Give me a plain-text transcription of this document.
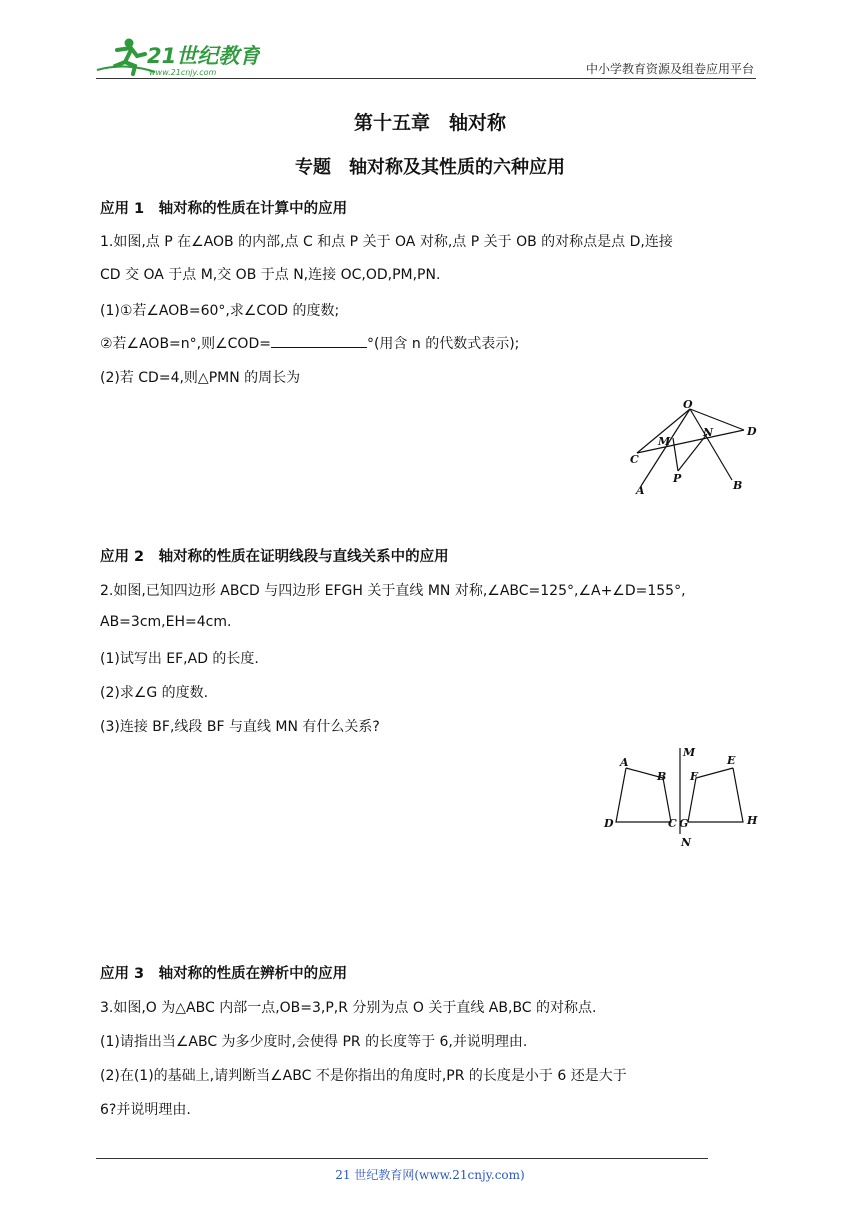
21世纪教育
www.21cnjy.com	中小学教育资源及组卷应用平台
第十五章　轴对称
专题　轴对称及其性质的六种应用
应用 1　轴对称的性质在计算中的应用
1.如图,点 P 在∠AOB 的内部,点 C 和点 P 关于 OA 对称,点 P 关于 OB 的对称点是点 D,连接
CD 交 OA 于点 M,交 OB 于点 N,连接 OC,OD,PM,PN.
(1)①若∠AOB=60°,求∠COD 的度数;
②若∠AOB=n°,则∠COD=	°(用含 n 的代数式表示);
(2)若 CD=4,则△PMN 的周长为
O
D
M
N
C
P
A	B
应用 2　轴对称的性质在证明线段与直线关系中的应用
2.如图,已知四边形 ABCD 与四边形 EFGH 关于直线 MN 对称,∠ABC=125°,∠A+∠D=155°,
AB=3cm,EH=4cm.
(1)试写出 EF,AD 的长度.
(2)求∠G 的度数.
(3)连接 BF,线段 BF 与直线 MN 有什么关系?
M
A
B F
E
D	C G	H
N
应用 3　轴对称的性质在辨析中的应用
3.如图,O 为△ABC 内部一点,OB=3,P,R 分别为点 O 关于直线 AB,BC 的对称点.
(1)请指出当∠ABC 为多少度时,会使得 PR 的长度等于 6,并说明理由.
(2)在(1)的基础上,请判断当∠ABC 不是你指出的角度时,PR 的长度是小于 6 还是大于
6?并说明理由.
21 世纪教育网(www.21cnjy.com)
